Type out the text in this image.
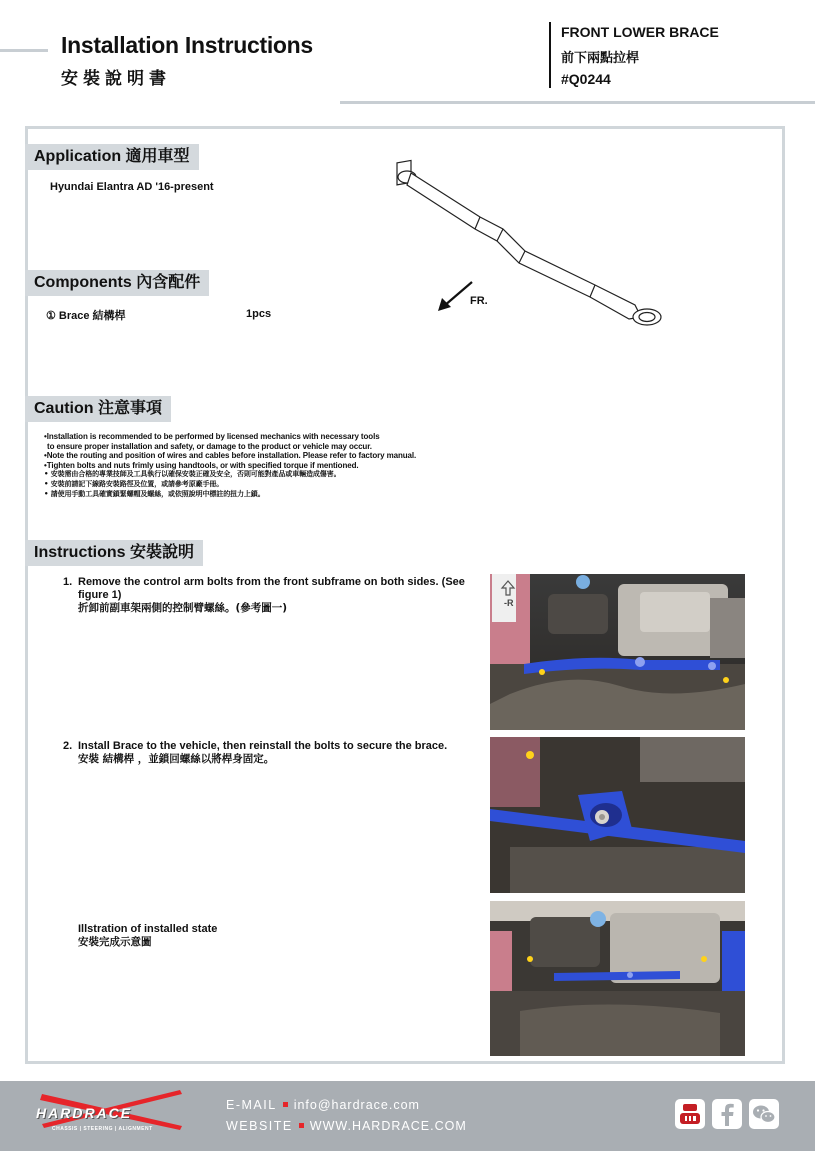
Installation Instructions
安裝說明書
FRONT LOWER BRACE
前下兩點拉桿
#Q0244
Application 適用車型
Hyundai Elantra AD '16-present
FR.
Components 內含配件
① Brace 結構桿	1pcs
Caution 注意事項
•Installation is recommended to be performed by licensed mechanics with necessary tools
to ensure proper installation and safety, or damage to the product or vehicle may occur.
•Note the routing and position of wires and cables before installation. Please refer to factory manual.
•Tighten bolts and nuts frimly using handtools, or with specified torque if mentioned.
• 安裝需由合格的專業技師及工具執行以確保安裝正確及安全，否則可能對產品或車輛造成傷害。
• 安裝前請記下線路安裝路徑及位置，或請參考原廠手冊。
• 請使用手動工具確實鎖緊螺帽及螺絲，或依照說明中標註的扭力上鎖。
Instructions 安裝說明
1. Remove the control arm bolts from the front subframe on both sides. (See
figure 1)
折卸前副車架兩側的控制臂螺絲。(參考圖一)	-R
2. Install Brace to the vehicle, then reinstall the bolts to secure the brace.
安裝 結構桿 ，並鎖回螺絲以將桿身固定。
Illstration of installed state
安裝完成示意圖
HARDRACE
CHASSIS | STEERING | ALIGNMENT
E-MAIL info@hardrace.com
WEBSITE WWW.HARDRACE.COM
